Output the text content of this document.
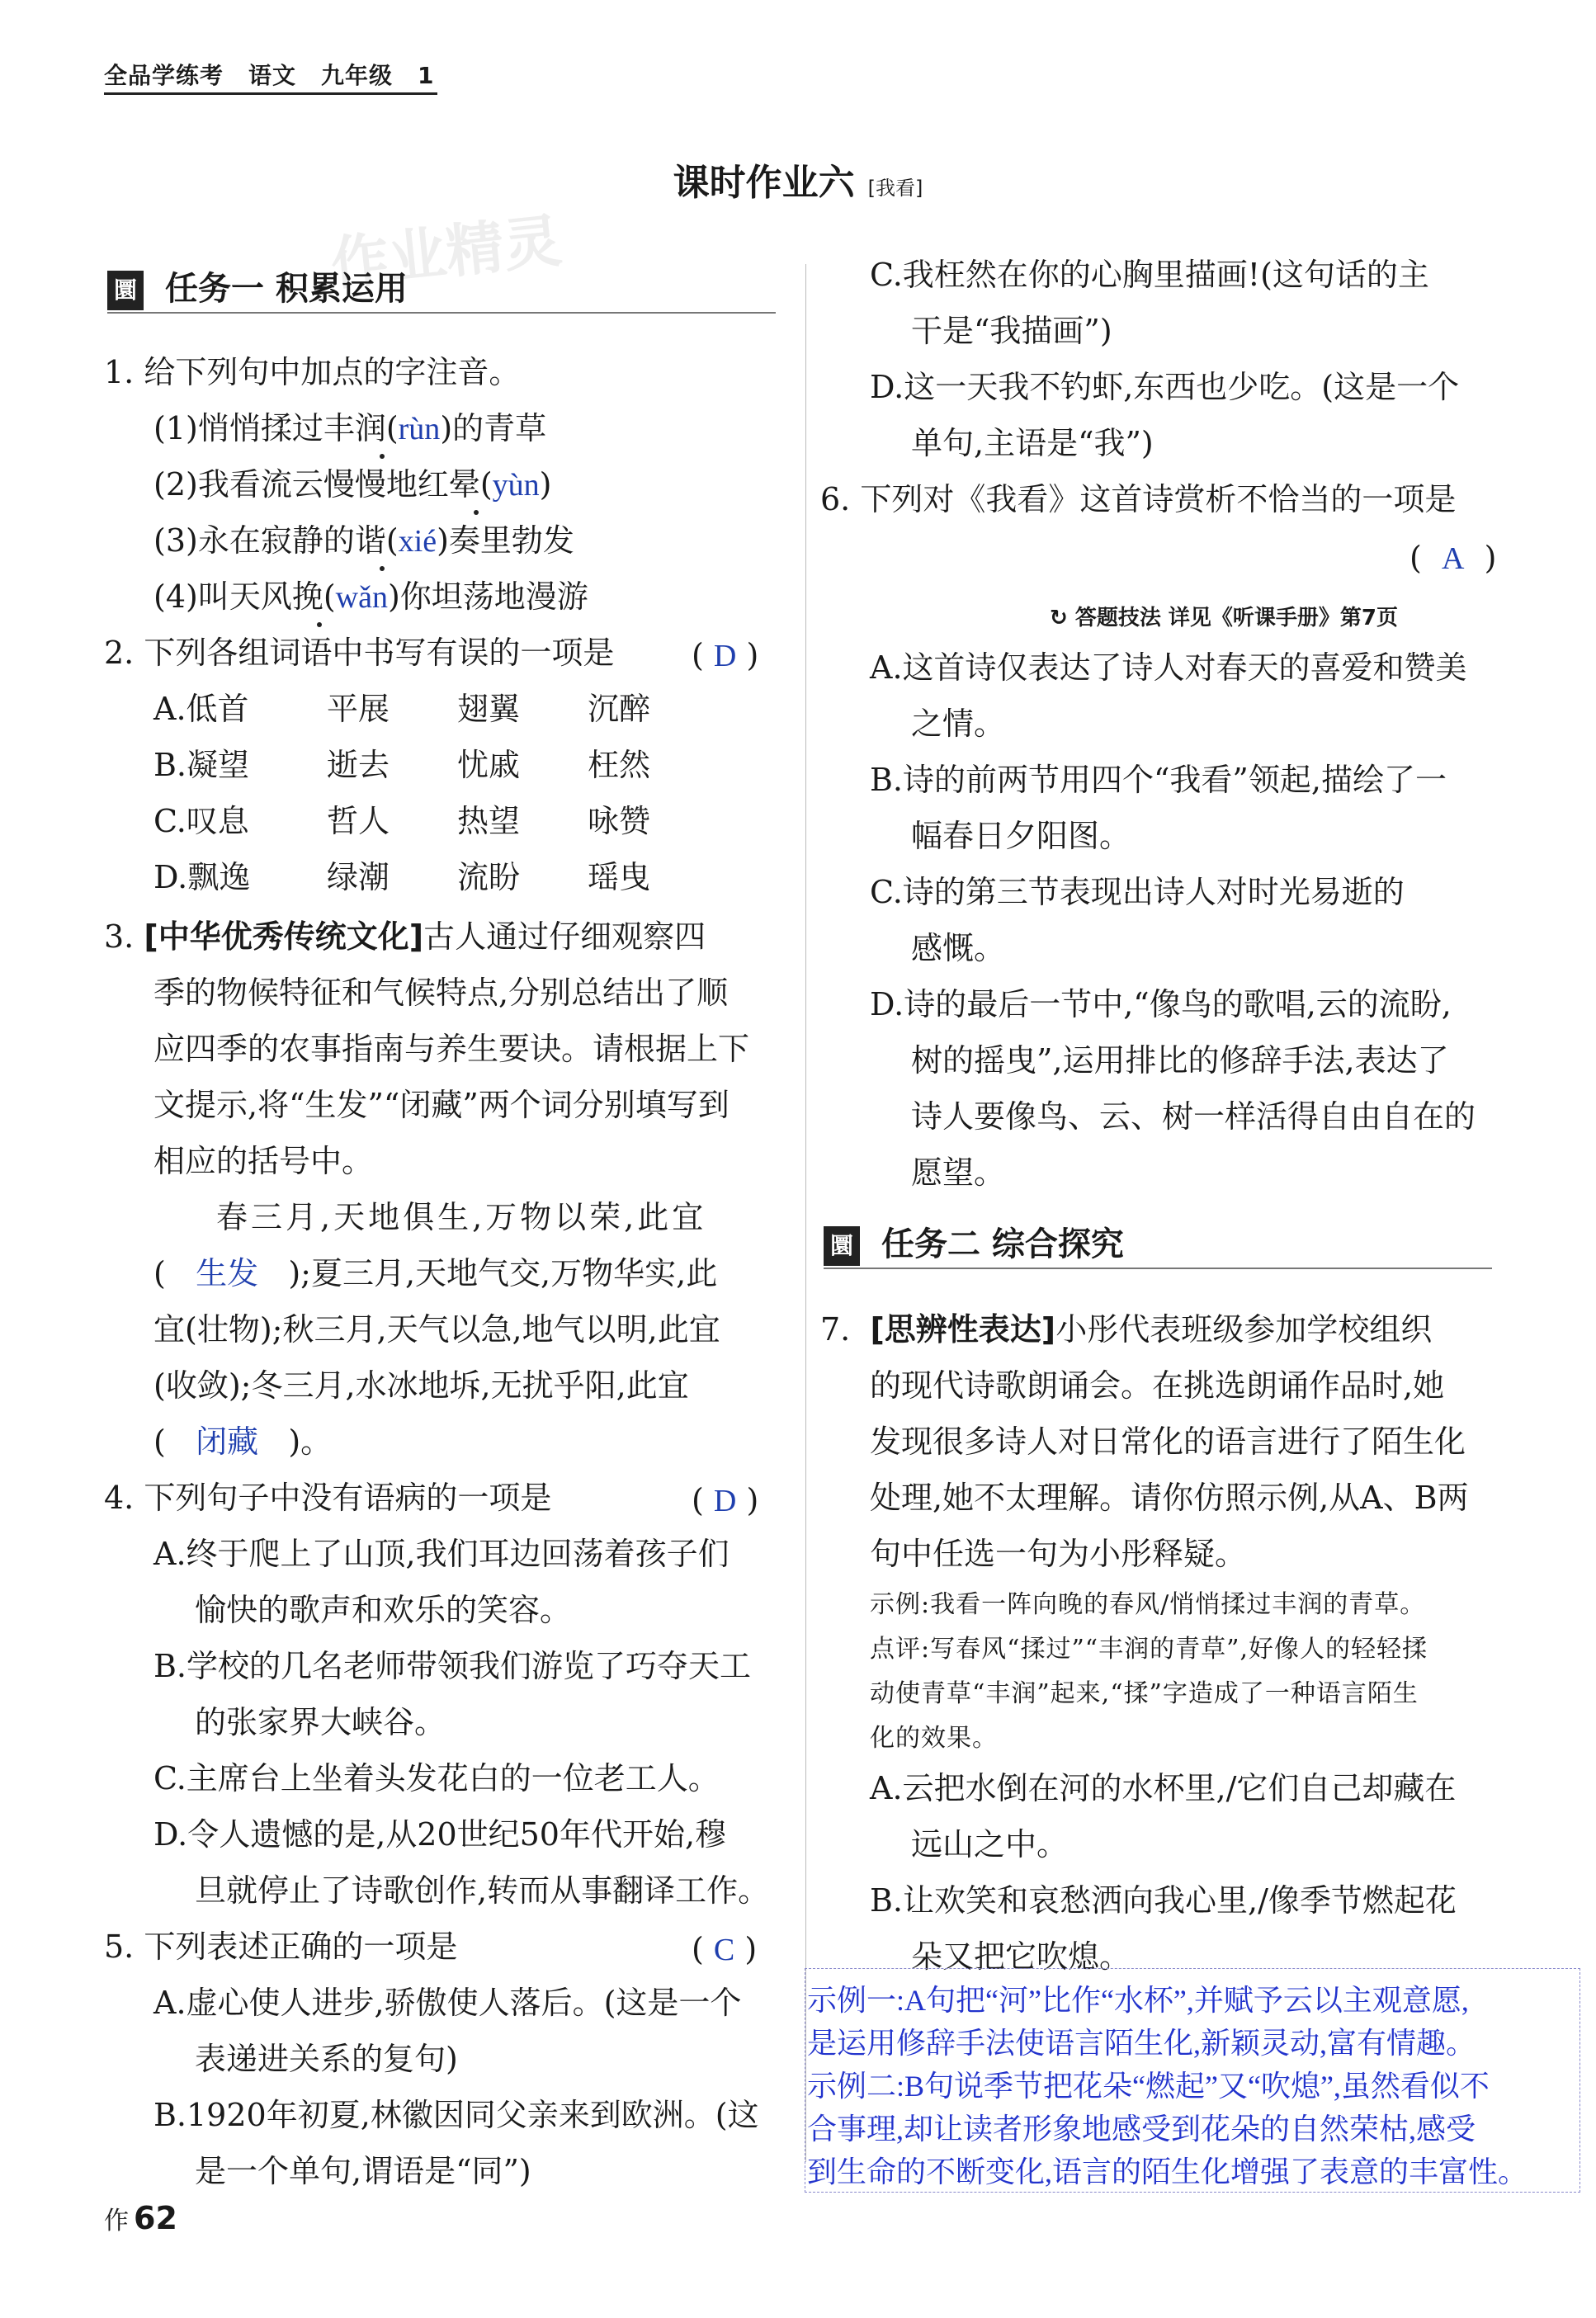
全品学练考 语文 九年级 1
课时作业六 [我看]
作业精灵
圜 任务一 积累运用
1. 给下列句中加点的字注音。
(1)悄悄揉过丰润(rùn)的青草
(2)我看流云慢慢地红晕(yùn)
(3)永在寂静的谐(xié)奏里勃发
(4)叫天风挽(wǎn)你坦荡地漫游
2. 下列各组词语中书写有误的一项是 ( D )
A.低首 平展 翅翼 沉醉
B.凝望 逝去 忧戚 枉然
C.叹息 哲人 热望 咏赞
D.飘逸 绿潮 流盼 瑶曳
3. [中华优秀传统文化]古人通过仔细观察四
季的物候特征和气候特点,分别总结出了顺
应四季的农事指南与养生要诀。请根据上下
文提示,将“生发”“闭藏”两个词分别填写到
相应的括号中。
春三月,天地俱生,万物以荣,此宜
(   生发 );夏三月,天地气交,万物华实,此
宜(壮物);秋三月,天气以急,地气以明,此宜
(收敛);冬三月,水冰地坼,无扰乎阳,此宜
(   闭藏 )。
4. 下列句子中没有语病的一项是	( D )
A.终于爬上了山顶,我们耳边回荡着孩子们
愉快的歌声和欢乐的笑容。
B.学校的几名老师带领我们游览了巧夺天工
的张家界大峡谷。
C.主席台上坐着头发花白的一位老工人。
D.令人遗憾的是,从20世纪50年代开始,穆
旦就停止了诗歌创作,转而从事翻译工作。
5. 下列表述正确的一项是	( C )
A.虚心使人进步,骄傲使人落后。(这是一个
表递进关系的复句)
B.1920年初夏,林徽因同父亲来到欧洲。(这
是一个单句,谓语是“同”)
C.我枉然在你的心胸里描画!(这句话的主
干是“我描画”)
D.这一天我不钓虾,东西也少吃。(这是一个
单句,主语是“我”)
6. 下列对《我看》这首诗赏析不恰当的一项是
(  A  )
↻ 答题技法 详见《听课手册》第7页
A.这首诗仅表达了诗人对春天的喜爱和赞美
之情。
B.诗的前两节用四个“我看”领起,描绘了一
幅春日夕阳图。
C.诗的第三节表现出诗人对时光易逝的
感慨。
D.诗的最后一节中,“像鸟的歌唱,云的流盼,
树的摇曳”,运用排比的修辞手法,表达了
诗人要像鸟、云、树一样活得自由自在的
愿望。
圜 任务二 综合探究
7. [思辨性表达]小彤代表班级参加学校组织
的现代诗歌朗诵会。在挑选朗诵作品时,她
发现很多诗人对日常化的语言进行了陌生化
处理,她不太理解。请你仿照示例,从A、B两
句中任选一句为小彤释疑。
示例:我看一阵向晚的春风/悄悄揉过丰润的青草。
点评:写春风“揉过”“丰润的青草”,好像人的轻轻揉
动使青草“丰润”起来,“揉”字造成了一种语言陌生
化的效果。
A.云把水倒在河的水杯里,/它们自己却藏在
远山之中。
B.让欢笑和哀愁洒向我心里,/像季节燃起花
朵又把它吹熄。
示例一:A句把“河”比作“水杯”,并赋予云以主观意愿,
是运用修辞手法使语言陌生化,新颖灵动,富有情趣。
示例二:B句说季节把花朵“燃起”又“吹熄”,虽然看似不
合事理,却让读者形象地感受到花朵的自然荣枯,感受
到生命的不断变化,语言的陌生化增强了表意的丰富性。
作 62
